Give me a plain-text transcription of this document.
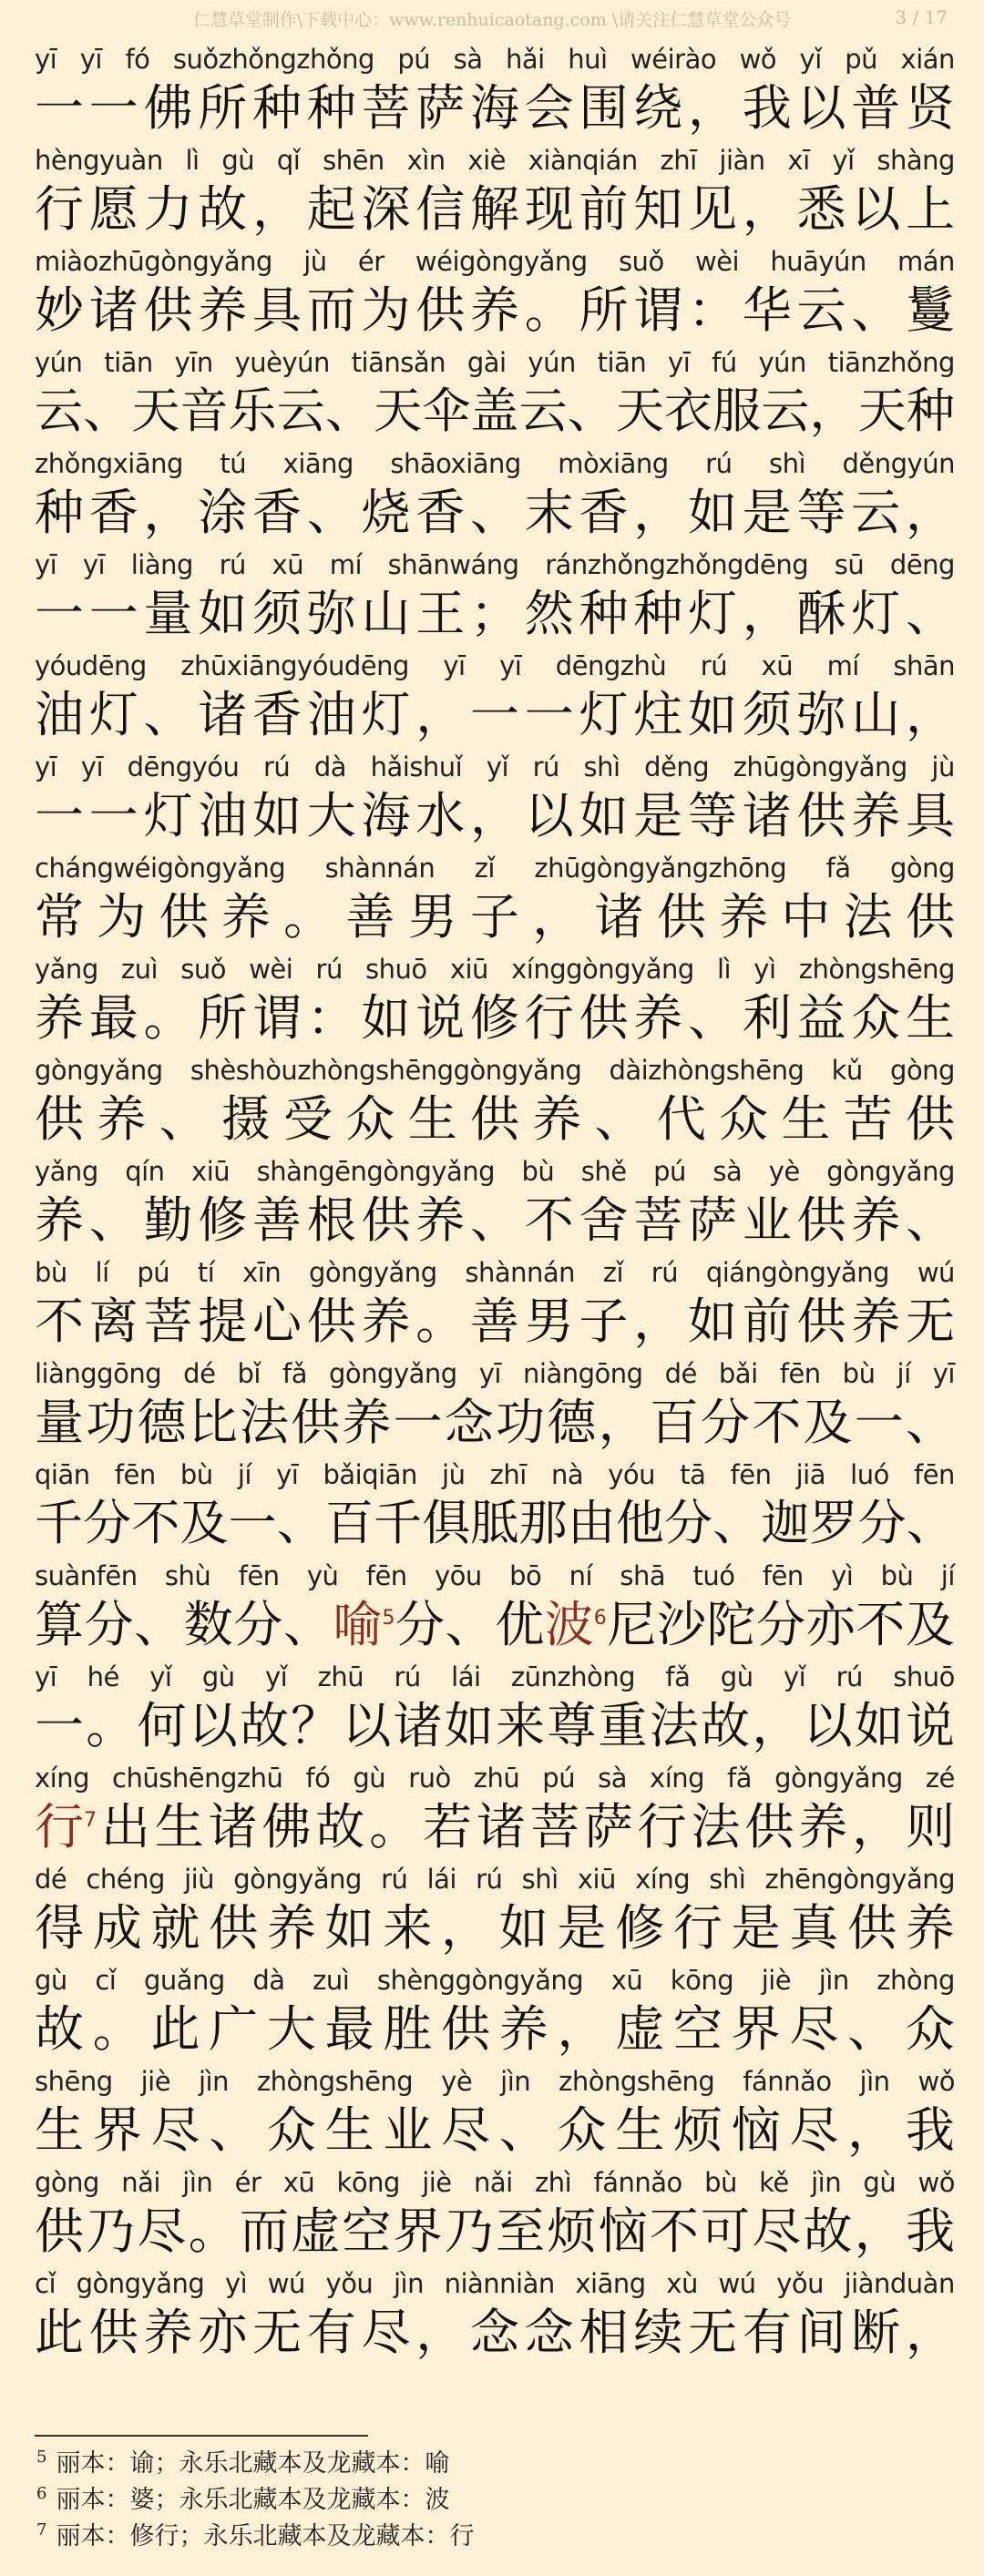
仁慧草堂制作\下载中心：www.renhuicaotang.com \请关注仁慧草堂公众号	3 / 17
yī yī fó suǒzhǒngzhǒng pú sà hǎi huì wéirào wǒ yǐ pǔ xián
一 一 佛 所 种 种 菩 萨 海 会 围 绕 ， 我 以 普 贤
hèngyuàn lì gù qǐ shēn xìn xiè xiànqián zhī jiàn xī yǐ shàng
行 愿 力 故 ， 起 深 信 解 现 前 知 见 ， 悉 以 上
miàozhūgòngyǎng jù ér wéigòngyǎng suǒ wèi huāyún mán
妙 诸 供 养 具 而 为 供 养 。 所 谓 ： 华 云 、 鬘
yún tiān yīn yuèyún tiānsǎn gài yún tiān yī fú yún tiānzhǒng
云 、 天 音 乐 云 、 天 伞 盖 云 、 天 衣 服 云 ， 天 种
zhǒngxiāng tú xiāng shāoxiāng mòxiāng rú shì děngyún
种 香 ， 涂 香 、 烧 香 、 末 香 ， 如 是 等 云 ，
yī yī liàng rú xū mí shānwáng ránzhǒngzhǒngdēng sū dēng
一 一 量 如 须 弥 山 王 ； 然 种 种 灯 ， 酥 灯 、
yóudēng zhūxiāngyóudēng yī yī dēngzhù rú xū mí shān
油 灯 、 诸 香 油 灯 ， 一 一 灯 炷 如 须 弥 山 ，
yī yī dēngyóu rú dà hǎishuǐ yǐ rú shì děng zhūgòngyǎng jù
一 一 灯 油 如 大 海 水 ， 以 如 是 等 诸 供 养 具
chángwéigòngyǎng shànnán zǐ zhūgòngyǎngzhōng fǎ gòng
常 为 供 养 。 善 男 子 ， 诸 供 养 中 法 供
yǎng zuì suǒ wèi rú shuō xiū xínggòngyǎng lì yì zhòngshēng
养 最 。 所 谓 ： 如 说 修 行 供 养 、 利 益 众 生
gòngyǎng shèshòuzhòngshēnggòngyǎng dàizhòngshēng kǔ gòng
供 养 、 摄 受 众 生 供 养 、 代 众 生 苦 供
yǎng qín xiū shàngēngòngyǎng bù shě pú sà yè gòngyǎng
养 、 勤 修 善 根 供 养 、 不 舍 菩 萨 业 供 养 、
bù lí pú tí xīn gòngyǎng shànnán zǐ rú qiángòngyǎng wú
不 离 菩 提 心 供 养 。 善 男 子 ， 如 前 供 养 无
liànggōng dé bǐ fǎ gòngyǎng yī niàngōng dé bǎi fēn bù jí yī
量 功 德 比 法 供 养 一 念 功 德 ， 百 分 不 及 一 、
qiān fēn bù jí yī bǎiqiān jù zhī nà yóu tā fēn jiā luó fēn
千 分 不 及 一 、 百 千 俱 胝 那 由 他 分 、 迦 罗 分 、
suànfēn shù fēn yù fēn yōu bō ní shā tuó fēn yì bù jí
算 分 、 数 分 、 喻5 分 、 优 波6 尼 沙 陀 分 亦 不 及
yī hé yǐ gù yǐ zhū rú lái zūnzhòng fǎ gù yǐ rú shuō
一 。 何 以 故 ？ 以 诸 如 来 尊 重 法 故 ， 以 如 说
xíng chūshēngzhū fó gù ruò zhū pú sà xíng fǎ gòngyǎng zé
行7 出 生 诸 佛 故 。 若 诸 菩 萨 行 法 供 养 ， 则
dé chéng jiù gòngyǎng rú lái rú shì xiū xíng shì zhēngòngyǎng
得 成 就 供 养 如 来 ， 如 是 修 行 是 真 供 养
gù cǐ guǎng dà zuì shènggòngyǎng xū kōng jiè jìn zhòng
故 。 此 广 大 最 胜 供 养 ， 虚 空 界 尽 、 众
shēng jiè jìn zhòngshēng yè jìn zhòngshēng fánnǎo jìn wǒ
生 界 尽 、 众 生 业 尽 、 众 生 烦 恼 尽 ， 我
gòng nǎi jìn ér xū kōng jiè nǎi zhì fánnǎo bù kě jìn gù wǒ
供 乃 尽 。 而 虚 空 界 乃 至 烦 恼 不 可 尽 故 ， 我
cǐ gòngyǎng yì wú yǒu jìn niànniàn xiāng xù wú yǒu jiànduàn
此 供 养 亦 无 有 尽 ， 念 念 相 续 无 有 间 断 ，
$^5$ 丽本：谕；永乐北藏本及龙藏本：喻
$^6$ 丽本：婆；永乐北藏本及龙藏本：波
$^7$ 丽本：修行；永乐北藏本及龙藏本：行
